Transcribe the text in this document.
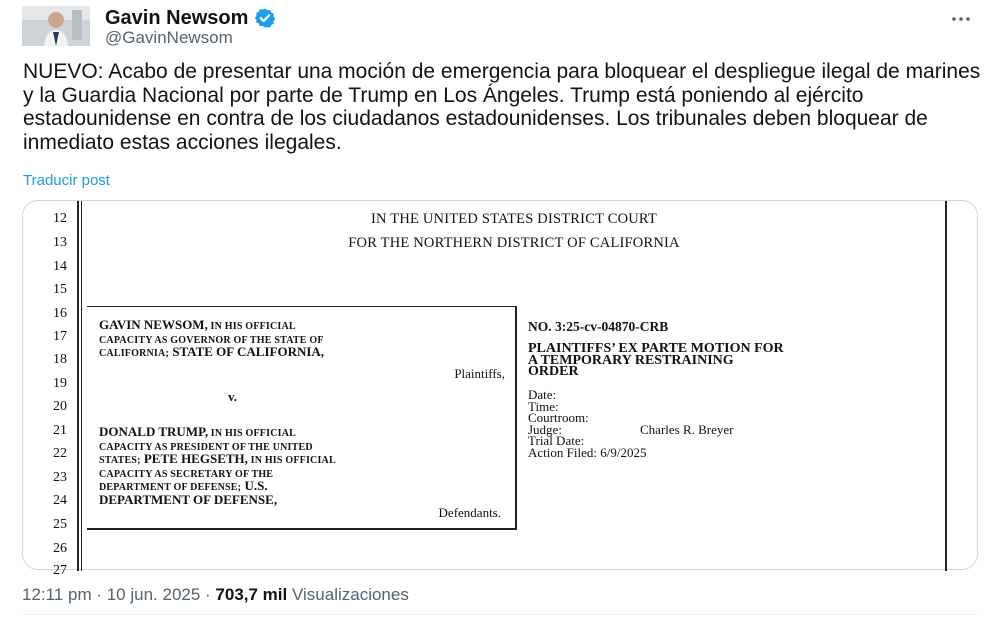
Gavin Newsom
@GavinNewsom
NUEVO: Acabo de presentar una moción de emergencia para bloquear el despliegue ilegal de marines y la Guardia Nacional por parte de Trump en Los Ángeles. Trump está poniendo al ejército estadounidense en contra de los ciudadanos estadounidenses. Los tribunales deben bloquear de inmediato estas acciones ilegales.
Traducir post
12
13
14
15
16
17
18
19
20
21
22
23
24
25
26
27
IN THE UNITED STATES DISTRICT COURT
FOR THE NORTHERN DISTRICT OF CALIFORNIA
GAVIN NEWSOM, IN HIS OFFICIAL
CAPACITY AS GOVERNOR OF THE STATE OF
CALIFORNIA; STATE OF CALIFORNIA,
Plaintiffs,
v.
DONALD TRUMP, IN HIS OFFICIAL
CAPACITY AS PRESIDENT OF THE UNITED
STATES; PETE HEGSETH, IN HIS OFFICIAL
CAPACITY AS SECRETARY OF THE
DEPARTMENT OF DEFENSE; U.S.
DEPARTMENT OF DEFENSE,
Defendants.
NO. 3:25-cv-04870-CRB
PLAINTIFFS’ EX PARTE MOTION FOR
A TEMPORARY RESTRAINING
ORDER
Date:
Time:
Courtroom:
Judge:	Charles R. Breyer
Trial Date:
Action Filed: 6/9/2025
12:11 pm · 10 jun. 2025 · 703,7 mil Visualizaciones
